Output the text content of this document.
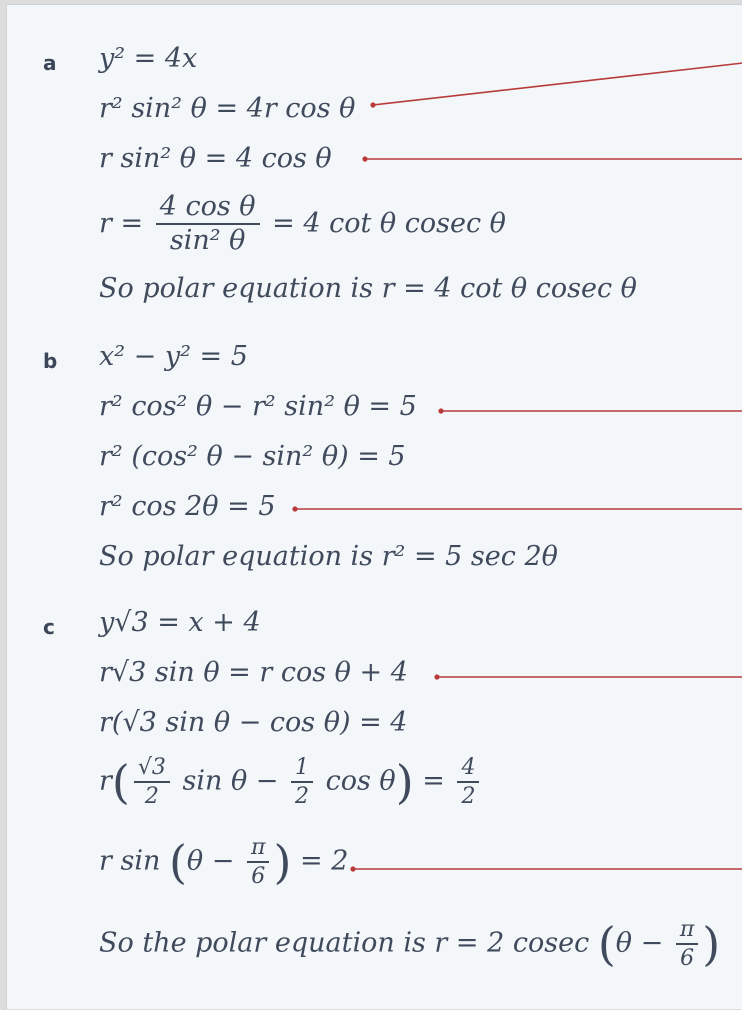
a y² = 4x
r² sin² θ = 4r cos θ
r sin² θ = 4 cos θ
$r = \frac{\text{4 cos θ}}{\text{sin² θ}} = 4$ cot θ cosec θ
So polar equation is r = 4 cot θ cosec θ
b x² − y² = 5
r² cos² θ − r² sin² θ = 5
r² (cos² θ − sin² θ) = 5
r² cos 2θ = 5
So polar equation is r² = 5 sec 2θ
c y√3 = x + 4
r√3 sin θ = r cos θ + 4
r(√3 sin θ − cos θ) = 4
$r( \frac{√3}{2}$ $\sin \theta - \frac{1}{2}$ $\cos \theta) = \frac{4}{2}$
r $\sin (\theta - \frac{\pi}{6}$ ) = 2
So the polar equation is r = 2 cosec ($\theta - \frac{\pi}{6}$ )
